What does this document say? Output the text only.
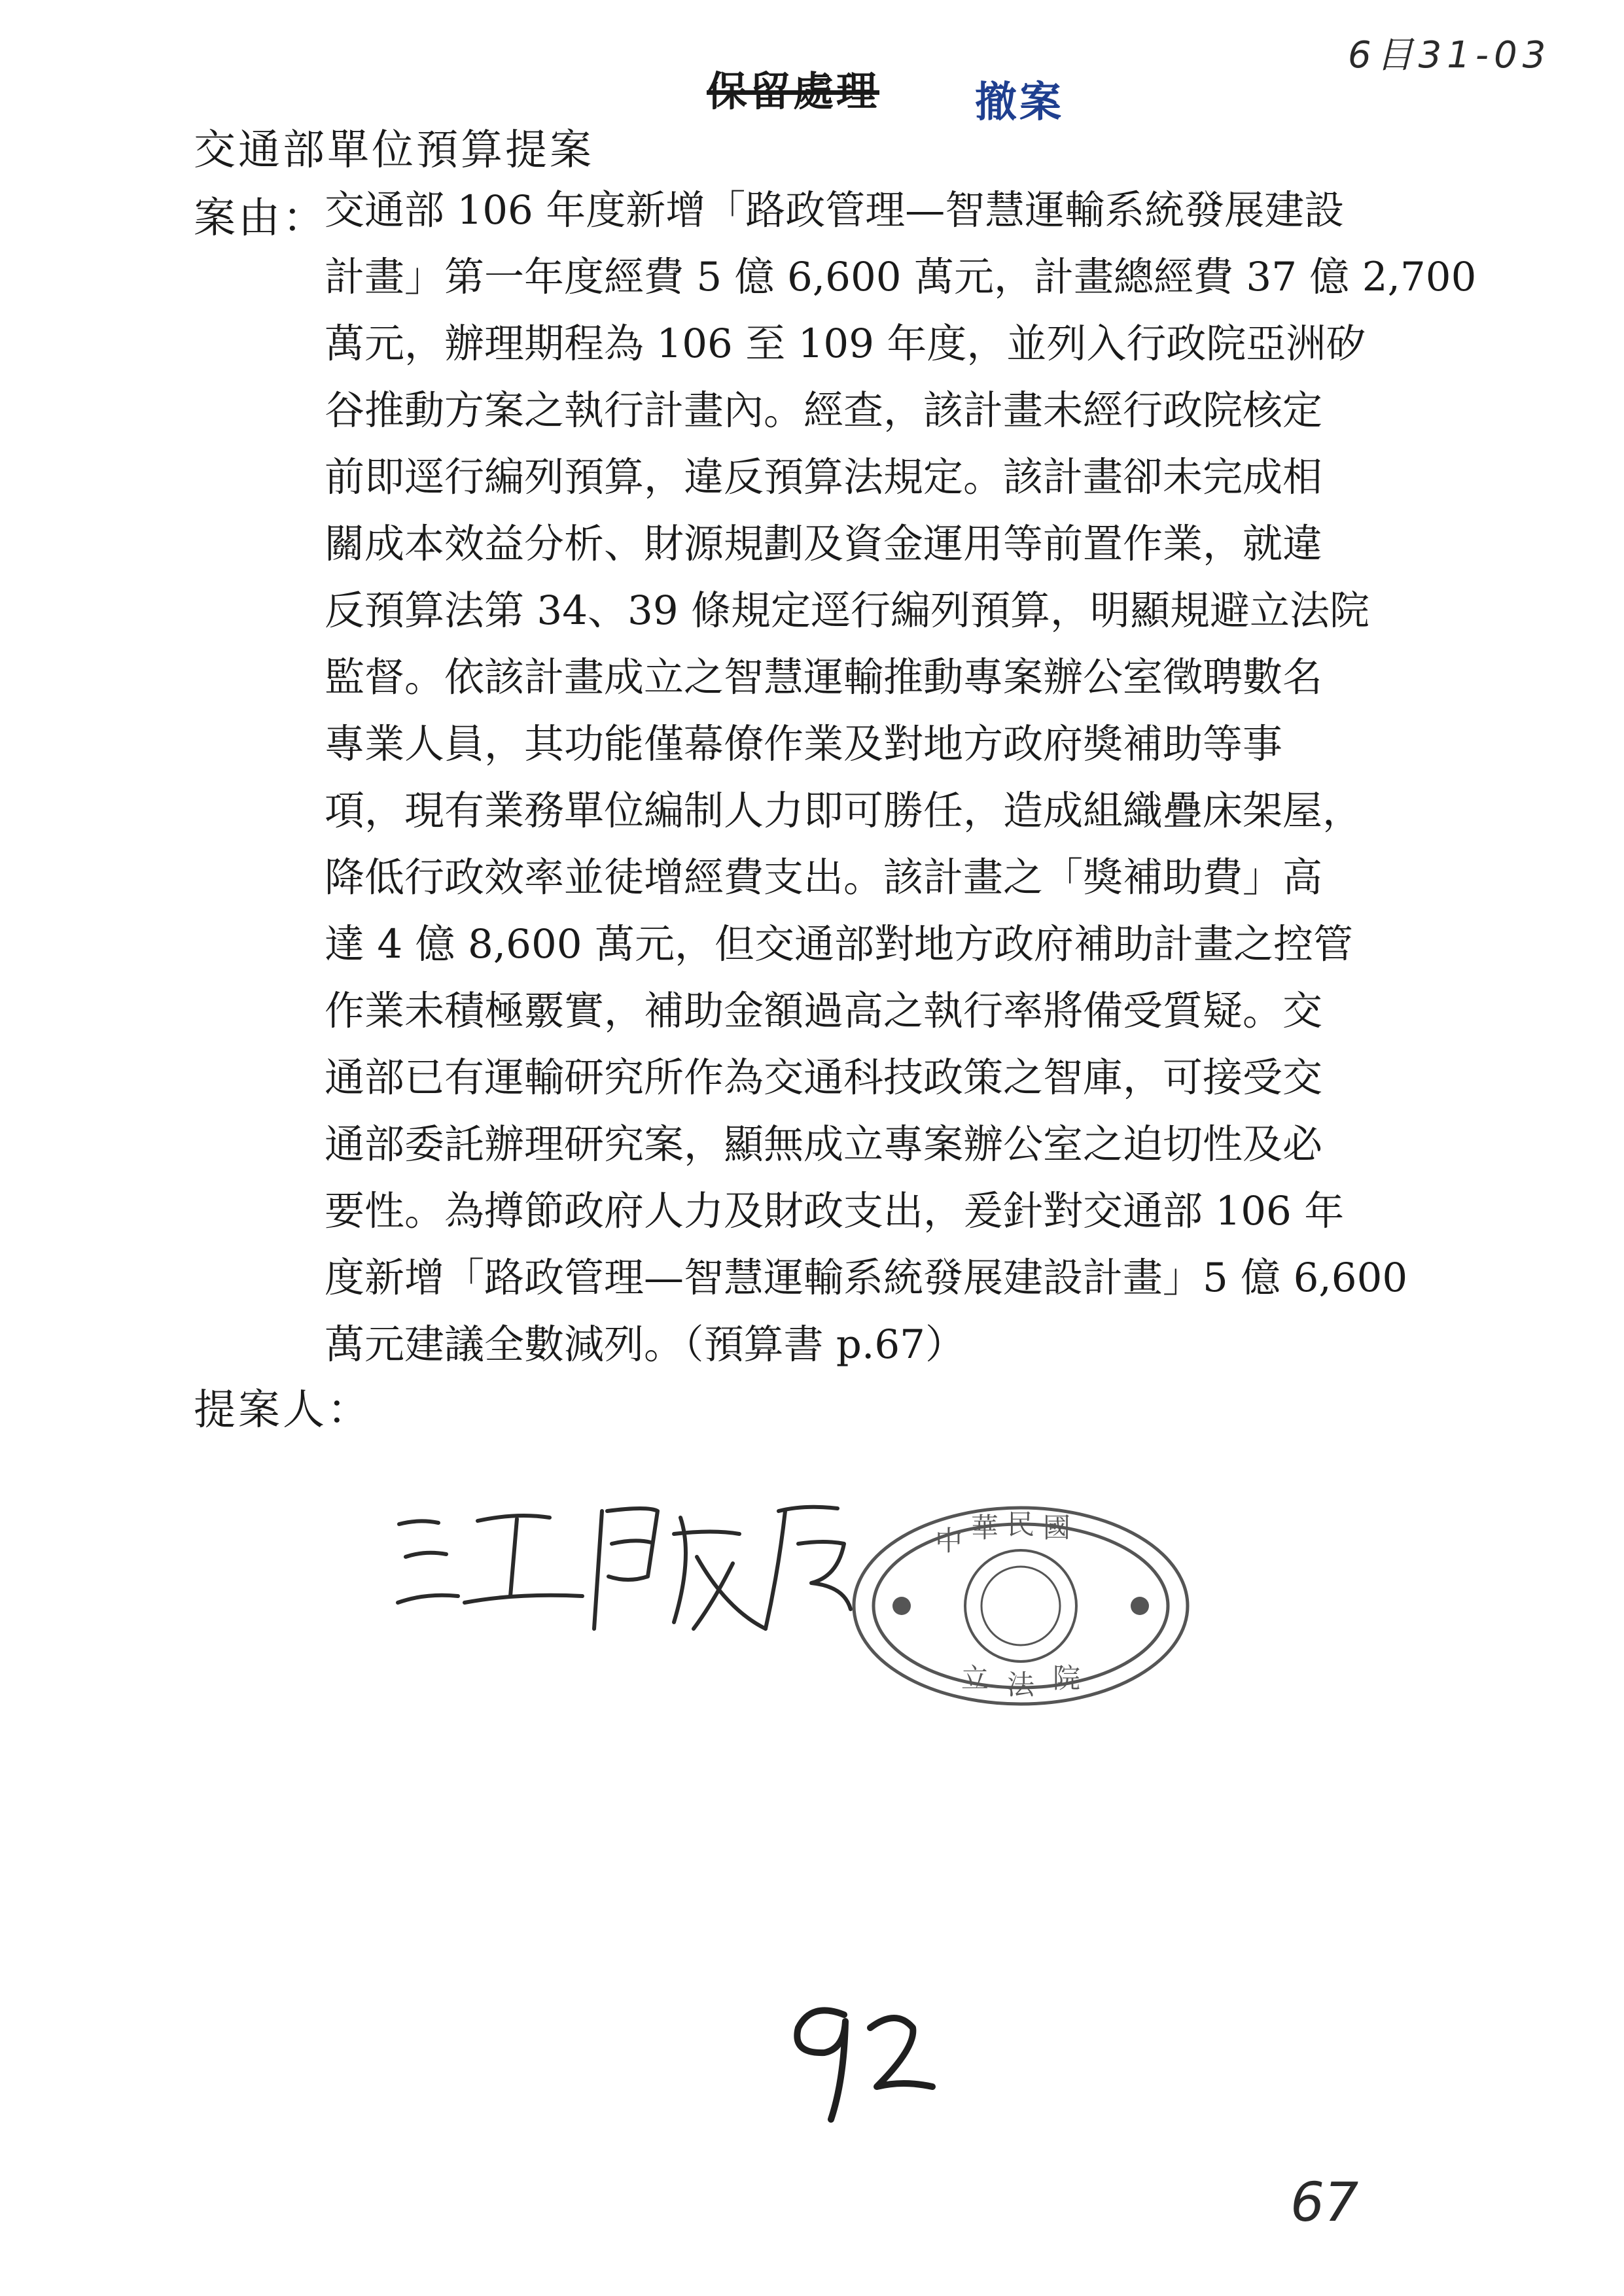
6目31-03
保留處理 撤案
交通部單位預算提案
案由：
交通部 106 年度新增「路政管理—智慧運輸系統發展建設
計畫」第一年度經費 5 億 6,600 萬元，計畫總經費 37 億 2,700
萬元，辦理期程為 106 至 109 年度，並列入行政院亞洲矽
谷推動方案之執行計畫內。經查，該計畫未經行政院核定
前即逕行編列預算，違反預算法規定。該計畫卻未完成相
關成本效益分析、財源規劃及資金運用等前置作業，就違
反預算法第 34、39 條規定逕行編列預算，明顯規避立法院
監督。依該計畫成立之智慧運輸推動專案辦公室徵聘數名
專業人員，其功能僅幕僚作業及對地方政府獎補助等事
項，現有業務單位編制人力即可勝任，造成組織疊床架屋，
降低行政效率並徒增經費支出。該計畫之「獎補助費」高
達 4 億 8,600 萬元，但交通部對地方政府補助計畫之控管
作業未積極覈實，補助金額過高之執行率將備受質疑。交
通部已有運輸研究所作為交通科技政策之智庫，可接受交
通部委託辦理研究案，顯無成立專案辦公室之迫切性及必
要性。為撙節政府人力及財政支出，爰針對交通部 106 年
度新增「路政管理—智慧運輸系統發展建設計畫」5 億 6,600
萬元建議全數減列。（預算書 p.67）
提案人：
中 華 民 國
立 法 院
67
